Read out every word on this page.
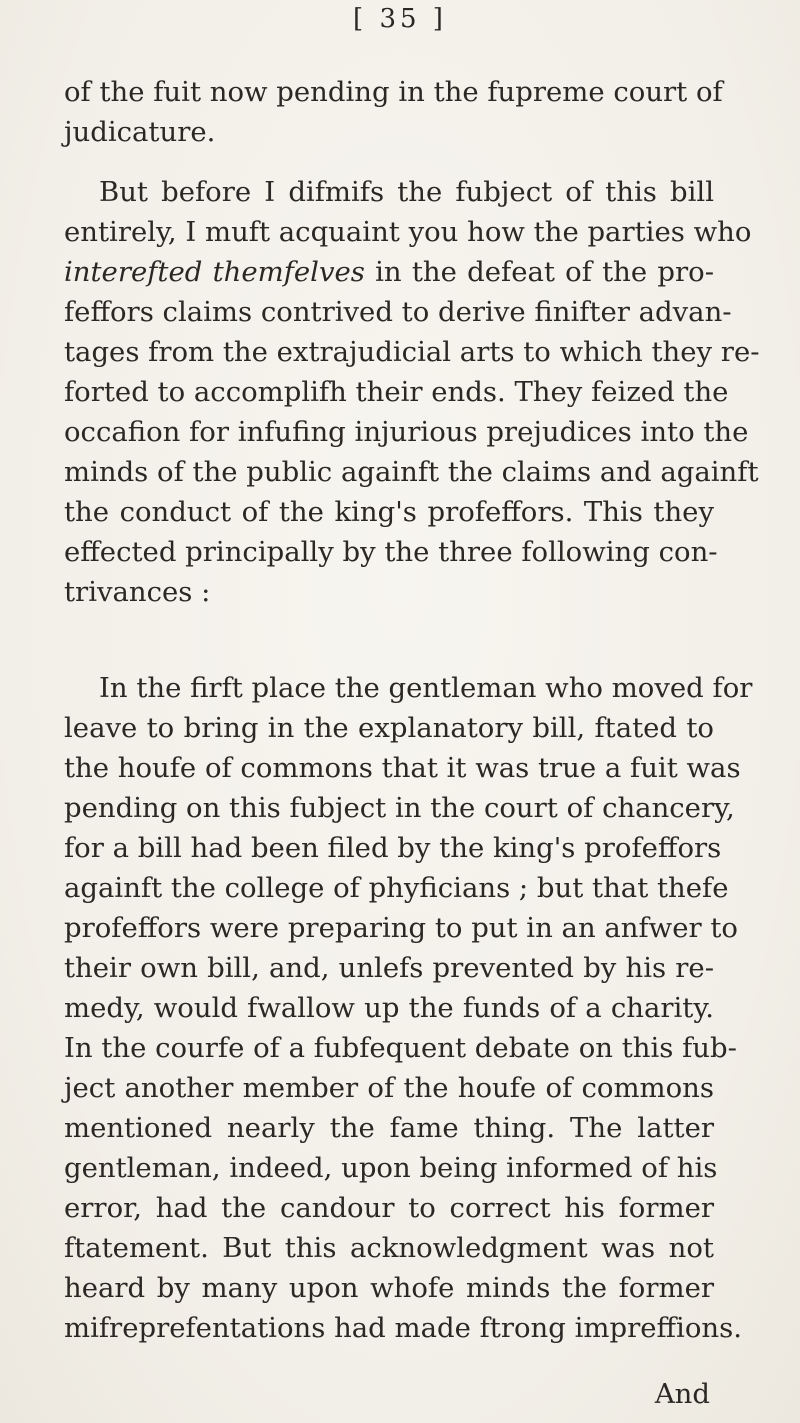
[ 35 ]
of the fuit now pending in the fupreme court of
judicature.
But before I difmifs the fubject of this bill
entirely, I muft acquaint you how the parties who
interefted themfelves in the defeat of the pro-
feffors claims contrived to derive finifter advan-
tages from the extrajudicial arts to which they re-
forted to accomplifh their ends. They feized the
occafion for infufing injurious prejudices into the
minds of the public againft the claims and againft
the conduct of the king's profeffors. This they
effected principally by the three following con-
trivances :
In the firft place the gentleman who moved for
leave to bring in the explanatory bill, ftated to
the houfe of commons that it was true a fuit was
pending on this fubject in the court of chancery,
for a bill had been filed by the king's profeffors
againft the college of phyficians ; but that thefe
profeffors were preparing to put in an anfwer to
their own bill, and, unlefs prevented by his re-
medy, would fwallow up the funds of a charity.
In the courfe of a fubfequent debate on this fub-
ject another member of the houfe of commons
mentioned nearly the fame thing. The latter
gentleman, indeed, upon being informed of his
error, had the candour to correct his former
ftatement. But this acknowledgment was not
heard by many upon whofe minds the former
mifreprefentations had made ftrong impreffions.
And
